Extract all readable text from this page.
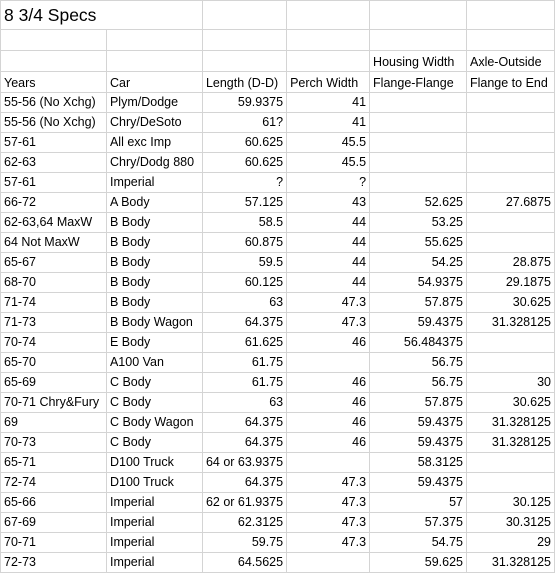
8 3/4 Specs					

				Housing Width	Axle-Outside
Years	Car	Length (D-D)	Perch Width	Flange-Flange	Flange to End
55-56 (No Xchg)	Plym/Dodge	59.9375	41		
55-56 (No Xchg)	Chry/DeSoto	61?	41		
57-61	All exc Imp	60.625	45.5		
62-63	Chry/Dodg 880	60.625	45.5		
57-61	Imperial	?	?		
66-72	A Body	57.125	43	52.625	27.6875
62-63,64 MaxW	B Body	58.5	44	53.25	
64 Not MaxW	B Body	60.875	44	55.625	
65-67	B Body	59.5	44	54.25	28.875
68-70	B Body	60.125	44	54.9375	29.1875
71-74	B Body	63	47.3	57.875	30.625
71-73	B Body Wagon	64.375	47.3	59.4375	31.328125
70-74	E Body	61.625	46	56.484375	
65-70	A100 Van	61.75		56.75	
65-69	C Body	61.75	46	56.75	30
70-71 Chry&Fury	C Body	63	46	57.875	30.625
69	C Body Wagon	64.375	46	59.4375	31.328125
70-73	C Body	64.375	46	59.4375	31.328125
65-71	D100 Truck	64 or 63.9375		58.3125	
72-74	D100 Truck	64.375	47.3	59.4375	
65-66	Imperial	62 or 61.9375	47.3	57	30.125
67-69	Imperial	62.3125	47.3	57.375	30.3125
70-71	Imperial	59.75	47.3	54.75	29
72-73	Imperial	64.5625		59.625	31.328125
